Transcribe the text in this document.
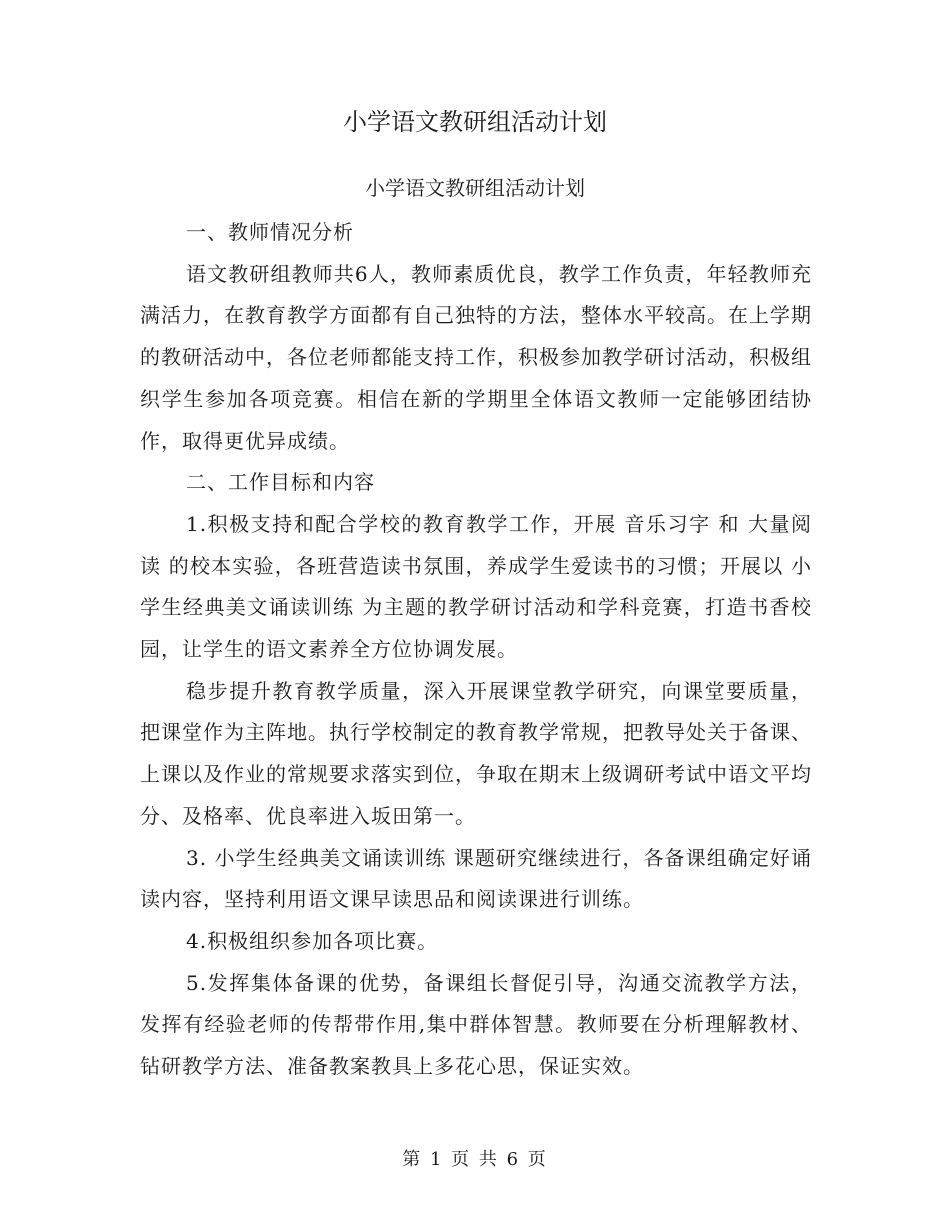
小学语文教研组活动计划
小学语文教研组活动计划

一、教师情况分析

语文教研组教师共6人，教师素质优良，教学工作负责，年轻教师充满活力，在教育教学方面都有自己独特的方法，整体水平较高。在上学期的教研活动中，各位老师都能支持工作，积极参加教学研讨活动，积极组织学生参加各项竞赛。相信在新的学期里全体语文教师一定能够团结协作，取得更优异成绩。

二、工作目标和内容

1.积极支持和配合学校的教育教学工作，开展 音乐习字 和 大量阅读 的校本实验，各班营造读书氛围，养成学生爱读书的习惯；开展以 小学生经典美文诵读训练 为主题的教学研讨活动和学科竞赛，打造书香校园，让学生的语文素养全方位协调发展。

稳步提升教育教学质量，深入开展课堂教学研究，向课堂要质量，把课堂作为主阵地。执行学校制定的教育教学常规，把教导处关于备课、上课以及作业的常规要求落实到位，争取在期末上级调研考试中语文平均分、及格率、优良率进入坂田第一。

3. 小学生经典美文诵读训练 课题研究继续进行，各备课组确定好诵读内容，坚持利用语文课早读思品和阅读课进行训练。

4.积极组织参加各项比赛。

5.发挥集体备课的优势，备课组长督促引导，沟通交流教学方法，发挥有经验老师的传帮带作用,集中群体智慧。教师要在分析理解教材、钻研教学方法、准备教案教具上多花心思，保证实效。

第 1 页 共 6 页
